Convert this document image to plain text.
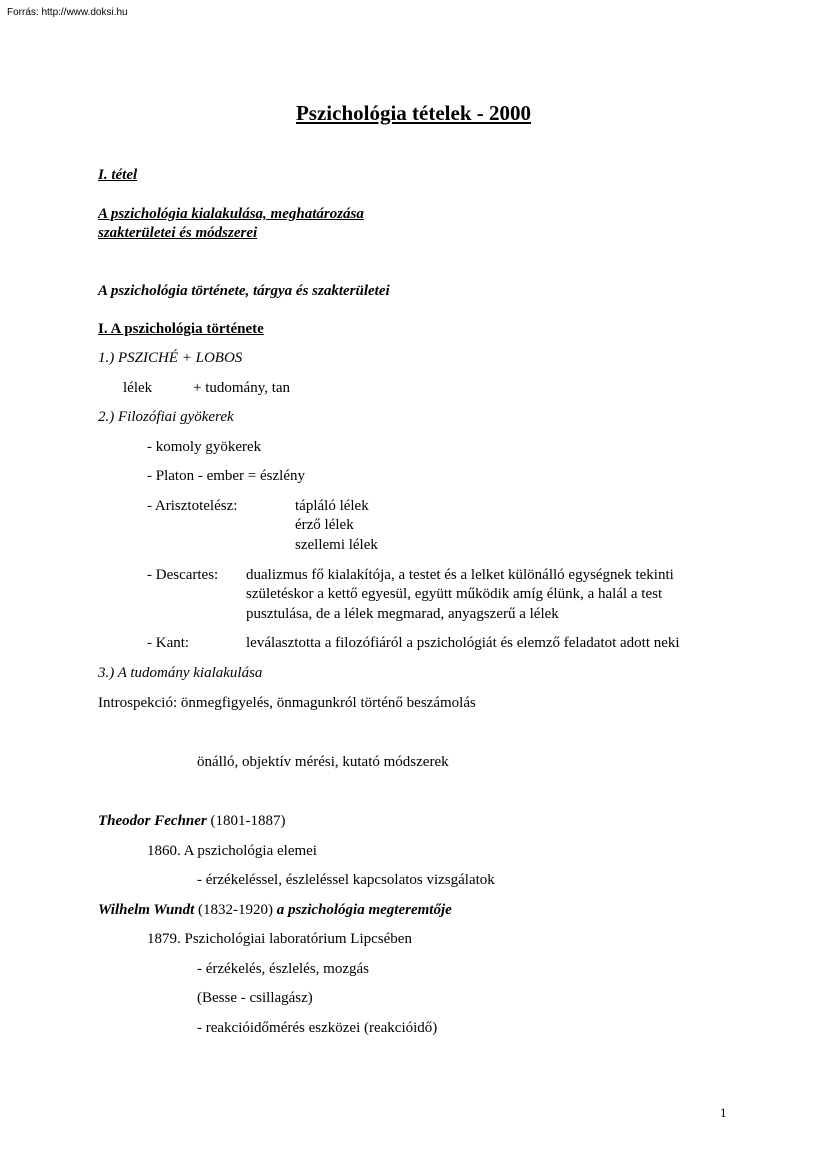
Forrás: http://www.doksi.hu
Pszichológia tételek - 2000
I. tétel
A pszichológia kialakulása, meghatározása
szakterületei és módszerei
A pszichológia története, tárgya és szakterületei
I. A pszichológia története
1.) PSZICHÉ + LOBOS
lélek	+ tudomány, tan
2.) Filozófiai gyökerek
- komoly gyökerek
- Platon - ember = észlény
- Arisztotelész:	tápláló lélek
érző lélek
szellemi lélek
- Descartes: dualizmus fő kialakítója, a testet és a lelket különálló egységnek tekinti
születéskor a kettő egyesül, együtt működik amíg élünk, a halál a test
pusztulása, de a lélek megmarad, anyagszerű a lélek
- Kant:	leválasztotta a filozófiáról a pszichológiát és elemző feladatot adott neki
3.) A tudomány kialakulása
Introspekció: önmegfigyelés, önmagunkról történő beszámolás
önálló, objektív mérési, kutató módszerek
Theodor Fechner (1801-1887)
1860. A pszichológia elemei
- érzékeléssel, észleléssel kapcsolatos vizsgálatok
Wilhelm Wundt (1832-1920) a pszichológia megteremtője
1879. Pszichológiai laboratórium Lipcsében
- érzékelés, észlelés, mozgás
(Besse - csillagász)
- reakcióidőmérés eszközei (reakcióidő)
1
